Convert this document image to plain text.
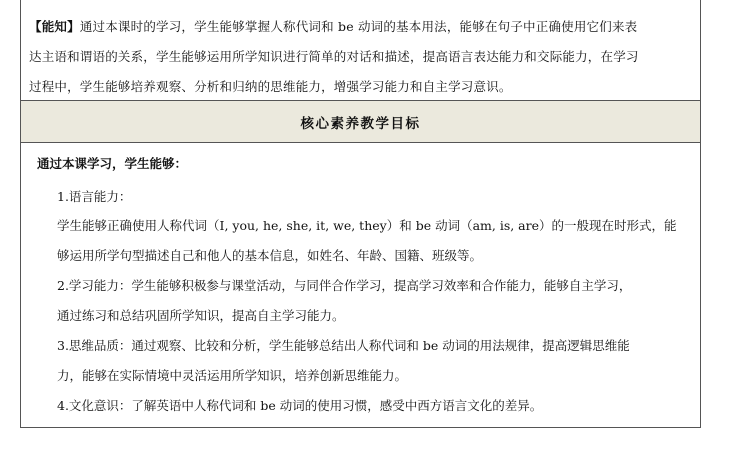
【能知】通过本课时的学习，学生能够掌握人称代词和 be 动词的基本用法，能够在句子中正确使用它们来表
达主语和谓语的关系，学生能够运用所学知识进行简单的对话和描述，提高语言表达能力和交际能力，在学习
过程中，学生能够培养观察、分析和归纳的思维能力，增强学习能力和自主学习意识。
核心素养教学目标
通过本课学习，学生能够：
1.语言能力：
学生能够正确使用人称代词（I, you, he, she, it, we, they）和 be 动词（am, is, are）的一般现在时形式，能
够运用所学句型描述自己和他人的基本信息，如姓名、年龄、国籍、班级等。
2.学习能力：学生能够积极参与课堂活动，与同伴合作学习，提高学习效率和合作能力，能够自主学习，
通过练习和总结巩固所学知识，提高自主学习能力。
3.思维品质：通过观察、比较和分析，学生能够总结出人称代词和 be 动词的用法规律，提高逻辑思维能
力，能够在实际情境中灵活运用所学知识，培养创新思维能力。
4.文化意识：了解英语中人称代词和 be 动词的使用习惯，感受中西方语言文化的差异。
